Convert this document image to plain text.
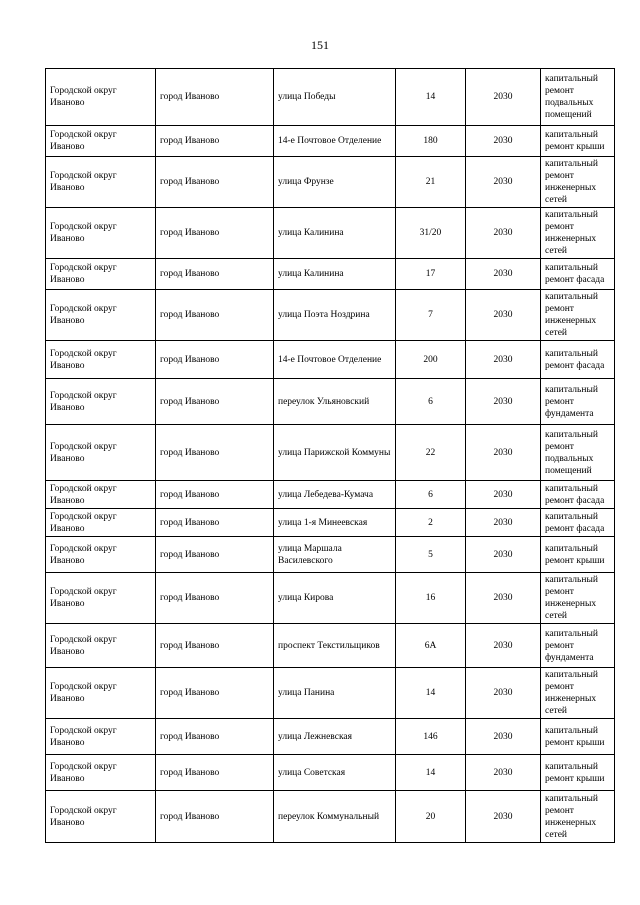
151
Городской округ Иваново	город Иваново	улица Победы	14	2030	капитальный ремонт подвальных помещений
Городской округ Иваново	город Иваново	14-е Почтовое Отделение	180	2030	капитальный ремонт крыши
Городской округ Иваново	город Иваново	улица Фрунзе	21	2030	капитальный ремонт инженерных сетей
Городской округ Иваново	город Иваново	улица Калинина	31/20	2030	капитальный ремонт инженерных сетей
Городской округ Иваново	город Иваново	улица Калинина	17	2030	капитальный ремонт фасада
Городской округ Иваново	город Иваново	улица Поэта Ноздрина	7	2030	капитальный ремонт инженерных сетей
Городской округ Иваново	город Иваново	14-е Почтовое Отделение	200	2030	капитальный ремонт фасада
Городской округ Иваново	город Иваново	переулок Ульяновский	6	2030	капитальный ремонт фундамента
Городской округ Иваново	город Иваново	улица Парижской Коммуны	22	2030	капитальный ремонт подвальных помещений
Городской округ Иваново	город Иваново	улица Лебедева-Кумача	6	2030	капитальный ремонт фасада
Городской округ Иваново	город Иваново	улица 1-я Минеевская	2	2030	капитальный ремонт фасада
Городской округ Иваново	город Иваново	улица Маршала Василевского	5	2030	капитальный ремонт крыши
Городской округ Иваново	город Иваново	улица Кирова	16	2030	капитальный ремонт инженерных сетей
Городской округ Иваново	город Иваново	проспект Текстильщиков	6А	2030	капитальный ремонт фундамента
Городской округ Иваново	город Иваново	улица Панина	14	2030	капитальный ремонт инженерных сетей
Городской округ Иваново	город Иваново	улица Лежневская	146	2030	капитальный ремонт крыши
Городской округ Иваново	город Иваново	улица Советская	14	2030	капитальный ремонт крыши
Городской округ Иваново	город Иваново	переулок Коммунальный	20	2030	капитальный ремонт инженерных сетей
